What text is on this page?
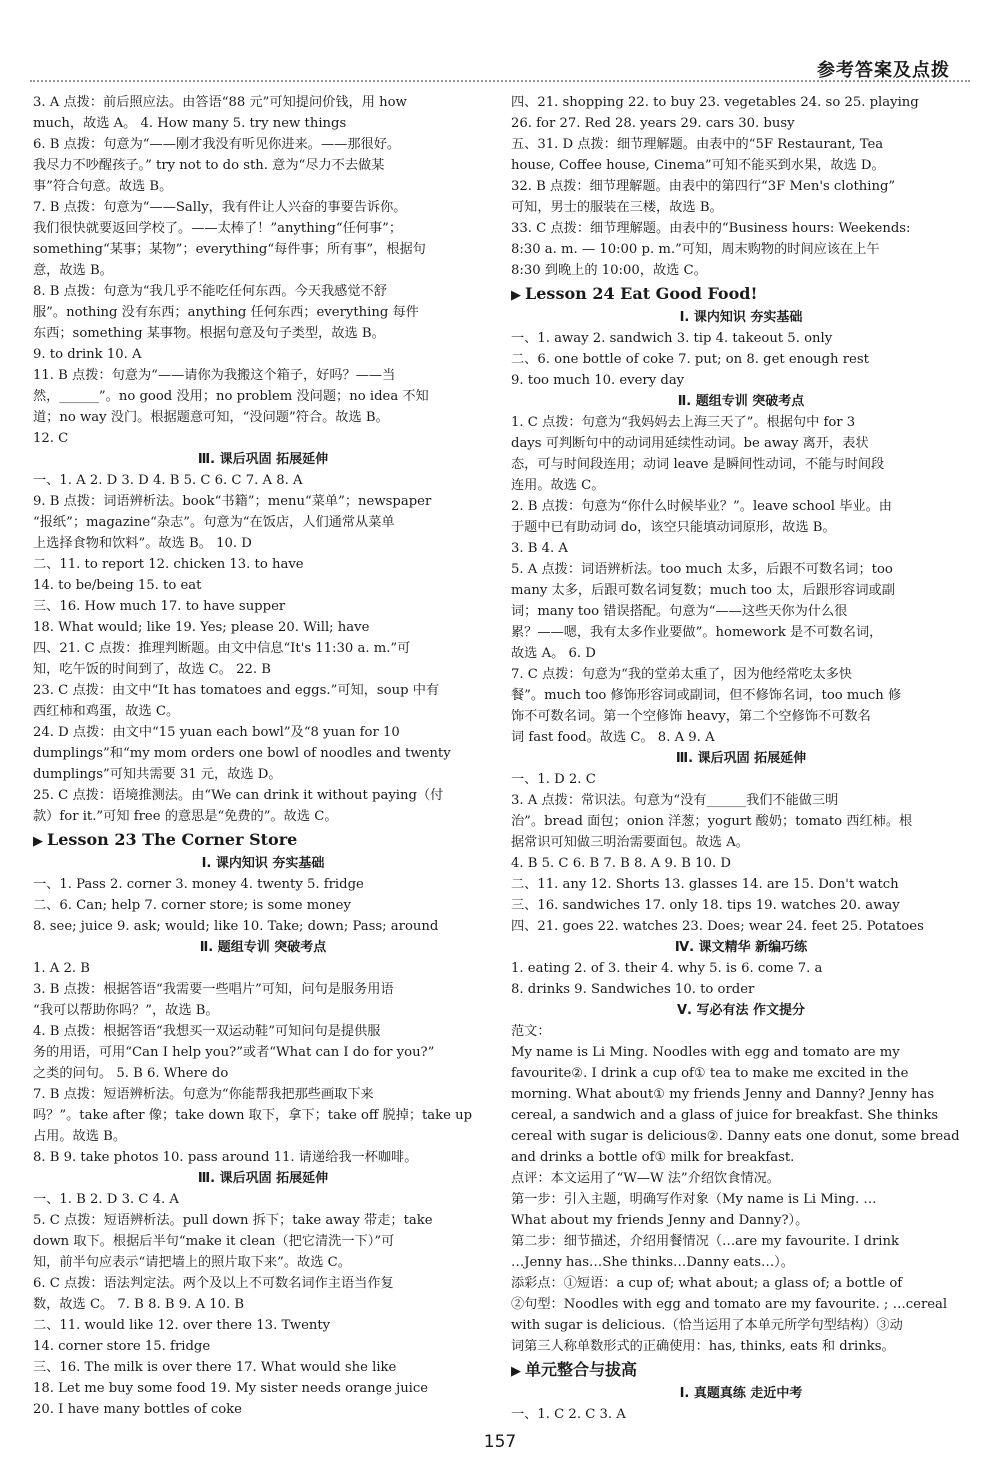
参考答案及点拨
3. A 点拨：前后照应法。由答语“88 元”可知提问价钱，用 how
much，故选 A。 4. How many 5. try new things
6. B 点拨：句意为“——刚才我没有听见你进来。——那很好。
我尽力不吵醒孩子。” try not to do sth. 意为“尽力不去做某
事”符合句意。故选 B。
7. B 点拨：句意为“——Sally，我有件让人兴奋的事要告诉你。
我们很快就要返回学校了。——太棒了！”anything“任何事”；
something“某事；某物”；everything“每件事；所有事”，根据句
意，故选 B。
8. B 点拨：句意为“我几乎不能吃任何东西。今天我感觉不舒
服”。nothing 没有东西；anything 任何东西；everything 每件
东西；something 某事物。根据句意及句子类型，故选 B。
9. to drink 10. A
11. B 点拨：句意为“——请你为我搬这个箱子，好吗？——当
然，______”。no good 没用；no problem 没问题；no idea 不知
道；no way 没门。根据题意可知，“没问题”符合。故选 B。
12. C
Ⅲ. 课后巩固 拓展延伸
一、1. A 2. D 3. D 4. B 5. C 6. C 7. A 8. A
9. B 点拨：词语辨析法。book“书籍”；menu“菜单”；newspaper
“报纸”；magazine“杂志”。句意为“在饭店，人们通常从菜单
上选择食物和饮料”。故选 B。 10. D
二、11. to report 12. chicken 13. to have
14. to be/being 15. to eat
三、16. How much 17. to have supper
18. What would; like 19. Yes; please 20. Will; have
四、21. C 点拨：推理判断题。由文中信息“It's 11:30 a. m.”可
知，吃午饭的时间到了，故选 C。 22. B
23. C 点拨：由文中“It has tomatoes and eggs.”可知，soup 中有
西红柿和鸡蛋，故选 C。
24. D 点拨：由文中“15 yuan each bowl”及“8 yuan for 10
dumplings”和“my mom orders one bowl of noodles and twenty
dumplings”可知共需要 31 元，故选 D。
25. C 点拨：语境推测法。由“We can drink it without paying（付
款）for it.”可知 free 的意思是“免费的”。故选 C。
▶ Lesson 23 The Corner Store
Ⅰ. 课内知识 夯实基础
一、1. Pass 2. corner 3. money 4. twenty 5. fridge
二、6. Can; help 7. corner store; is some money
8. see; juice 9. ask; would; like 10. Take; down; Pass; around
Ⅱ. 题组专训 突破考点
1. A 2. B
3. B 点拨：根据答语“我需要一些唱片”可知，问句是服务用语
“我可以帮助你吗？”，故选 B。
4. B 点拨：根据答语“我想买一双运动鞋”可知问句是提供服
务的用语，可用“Can I help you?”或者“What can I do for you?”
之类的问句。 5. B 6. Where do
7. B 点拨：短语辨析法。句意为“你能帮我把那些画取下来
吗？”。take after 像；take down 取下，拿下；take off 脱掉；take up
占用。故选 B。
8. B 9. take photos 10. pass around 11. 请递给我一杯咖啡。
Ⅲ. 课后巩固 拓展延伸
一、1. B 2. D 3. C 4. A
5. C 点拨：短语辨析法。pull down 拆下；take away 带走；take
down 取下。根据后半句“make it clean（把它清洗一下）”可
知，前半句应表示“请把墙上的照片取下来”。故选 C。
6. C 点拨：语法判定法。两个及以上不可数名词作主语当作复
数，故选 C。 7. B 8. B 9. A 10. B
二、11. would like 12. over there 13. Twenty
14. corner store 15. fridge
三、16. The milk is over there 17. What would she like
18. Let me buy some food 19. My sister needs orange juice
20. I have many bottles of coke
四、21. shopping 22. to buy 23. vegetables 24. so 25. playing
26. for 27. Red 28. years 29. cars 30. busy
五、31. D 点拨：细节理解题。由表中的“5F Restaurant, Tea
house, Coffee house, Cinema”可知不能买到水果，故选 D。
32. B 点拨：细节理解题。由表中的第四行“3F Men's clothing”
可知，男士的服装在三楼，故选 B。
33. C 点拨：细节理解题。由表中的“Business hours: Weekends:
8:30 a. m. — 10:00 p. m.”可知，周末购物的时间应该在上午
8:30 到晚上的 10:00，故选 C。
▶ Lesson 24 Eat Good Food!
Ⅰ. 课内知识 夯实基础
一、1. away 2. sandwich 3. tip 4. takeout 5. only
二、6. one bottle of coke 7. put; on 8. get enough rest
9. too much 10. every day
Ⅱ. 题组专训 突破考点
1. C 点拨：句意为“我妈妈去上海三天了”。根据句中 for 3
days 可判断句中的动词用延续性动词。be away 离开，表状
态，可与时间段连用；动词 leave 是瞬间性动词，不能与时间段
连用。故选 C。
2. B 点拨：句意为“你什么时候毕业？”。leave school 毕业。由
于题中已有助动词 do，该空只能填动词原形，故选 B。
3. B 4. A
5. A 点拨：词语辨析法。too much 太多，后跟不可数名词；too
many 太多，后跟可数名词复数；much too 太，后跟形容词或副
词；many too 错误搭配。句意为“——这些天你为什么很
累？——嗯，我有太多作业要做”。homework 是不可数名词，
故选 A。 6. D
7. C 点拨：句意为“我的堂弟太重了，因为他经常吃太多快
餐”。much too 修饰形容词或副词，但不修饰名词，too much 修
饰不可数名词。第一个空修饰 heavy，第二个空修饰不可数名
词 fast food。故选 C。 8. A 9. A
Ⅲ. 课后巩固 拓展延伸
一、1. D 2. C
3. A 点拨：常识法。句意为“没有______我们不能做三明
治”。bread 面包；onion 洋葱；yogurt 酸奶；tomato 西红柿。根
据常识可知做三明治需要面包。故选 A。
4. B 5. C 6. B 7. B 8. A 9. B 10. D
二、11. any 12. Shorts 13. glasses 14. are 15. Don't watch
三、16. sandwiches 17. only 18. tips 19. watches 20. away
四、21. goes 22. watches 23. Does; wear 24. feet 25. Potatoes
Ⅳ. 课文精华 新编巧练
1. eating 2. of 3. their 4. why 5. is 6. come 7. a
8. drinks 9. Sandwiches 10. to order
Ⅴ. 写必有法 作文提分
范文：
My name is Li Ming. Noodles with egg and tomato are my
favourite②. I drink a cup of① tea to make me excited in the
morning. What about① my friends Jenny and Danny? Jenny has
cereal, a sandwich and a glass of juice for breakfast. She thinks
cereal with sugar is delicious②. Danny eats one donut, some bread
and drinks a bottle of① milk for breakfast.
点评：本文运用了“W—W 法”介绍饮食情况。
第一步：引入主题，明确写作对象（My name is Li Ming. …
What about my friends Jenny and Danny?）。
第二步：细节描述，介绍用餐情况（…are my favourite. I drink
…Jenny has…She thinks…Danny eats…）。
添彩点：①短语：a cup of; what about; a glass of; a bottle of
②句型：Noodles with egg and tomato are my favourite. ; …cereal
with sugar is delicious.（恰当运用了本单元所学句型结构）③动
词第三人称单数形式的正确使用：has, thinks, eats 和 drinks。
▶ 单元整合与拔高
Ⅰ. 真题真练 走近中考
一、1. C 2. C 3. A
157
